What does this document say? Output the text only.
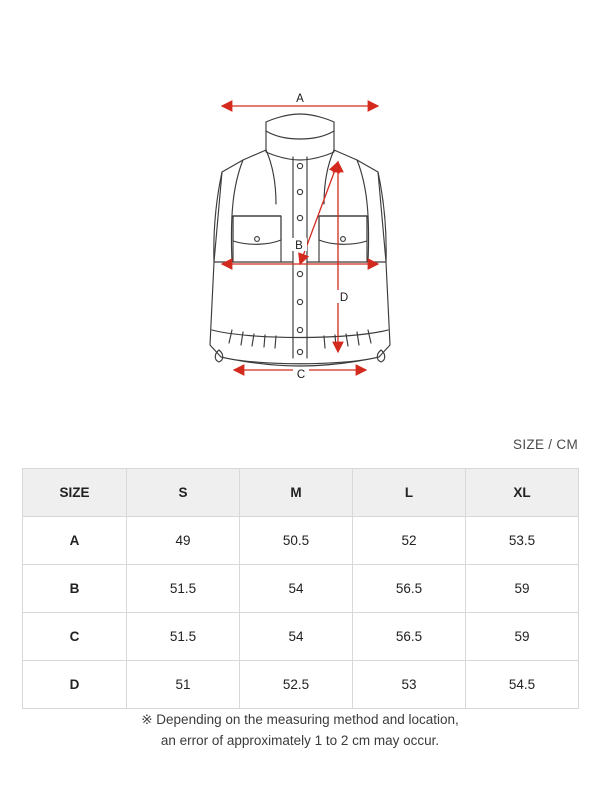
A
B
C
D
SIZE / CM
SIZE	S	M	L	XL
A	49	50.5	52	53.5
B	51.5	54	56.5	59
C	51.5	54	56.5	59
D	51	52.5	53	54.5
※ Depending on the measuring method and location,
an error of approximately 1 to 2 cm may occur.
